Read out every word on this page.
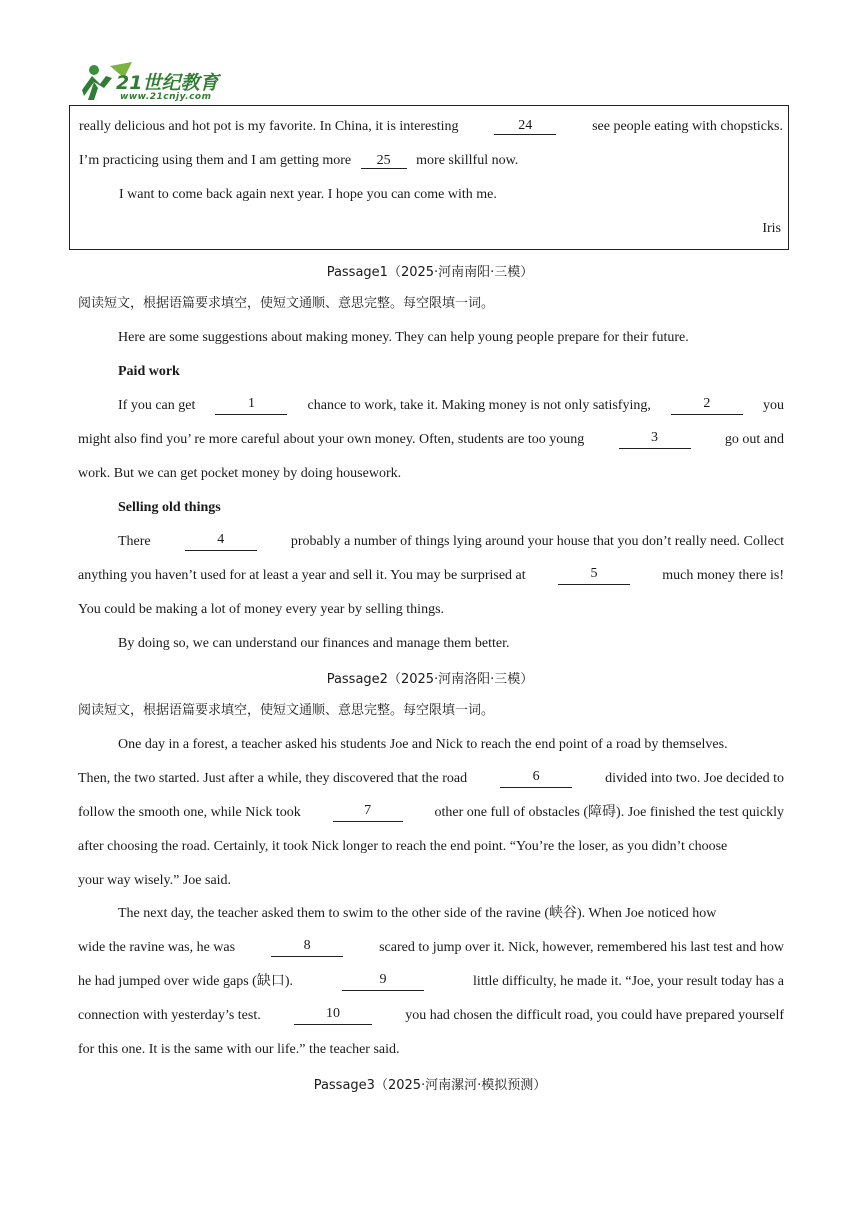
21世纪教育
www.21cnjy.com
really delicious and hot pot is my favorite. In China, it is interesting	24	see people eating with chopsticks.
I’m practicing using them and I am getting more 25 more skillful now.
I want to come back again next year. I hope you can come with me.
Iris
Passage1（2025·河南南阳·三模）
阅读短文，根据语篇要求填空，使短文通顺、意思完整。每空限填一词。
Here are some suggestions about making money. They can help young people prepare for their future.
Paid work
If you can get	1	chance to work, take it. Making money is not only satisfying,	2	you
might also find you’ re more careful about your own money. Often, students are too young	3	go out and
work. But we can get pocket money by doing housework.
Selling old things
There	4	probably a number of things lying around your house that you don’t really need. Collect
anything you haven’t used for at least a year and sell it. You may be surprised at	5	much money there is!
You could be making a lot of money every year by selling things.
By doing so, we can understand our finances and manage them better.
Passage2（2025·河南洛阳·三模）
阅读短文，根据语篇要求填空，使短文通顺、意思完整。每空限填一词。
One day in a forest, a teacher asked his students Joe and Nick to reach the end point of a road by themselves.
Then, the two started. Just after a while, they discovered that the road	6	divided into two. Joe decided to
follow the smooth one, while Nick took	7	other one full of obstacles (障碍). Joe finished the test quickly
after choosing the road. Certainly, it took Nick longer to reach the end point. “You’re the loser, as you didn’t choose
your way wisely.” Joe said.
The next day, the teacher asked them to swim to the other side of the ravine (峡谷). When Joe noticed how
wide the ravine was, he was	8	scared to jump over it. Nick, however, remembered his last test and how
he had jumped over wide gaps (缺口).	9	little difficulty, he made it. “Joe, your result today has a
connection with yesterday’s test.	10	you had chosen the difficult road, you could have prepared yourself
for this one. It is the same with our life.” the teacher said.
Passage3（2025·河南漯河·模拟预测）
